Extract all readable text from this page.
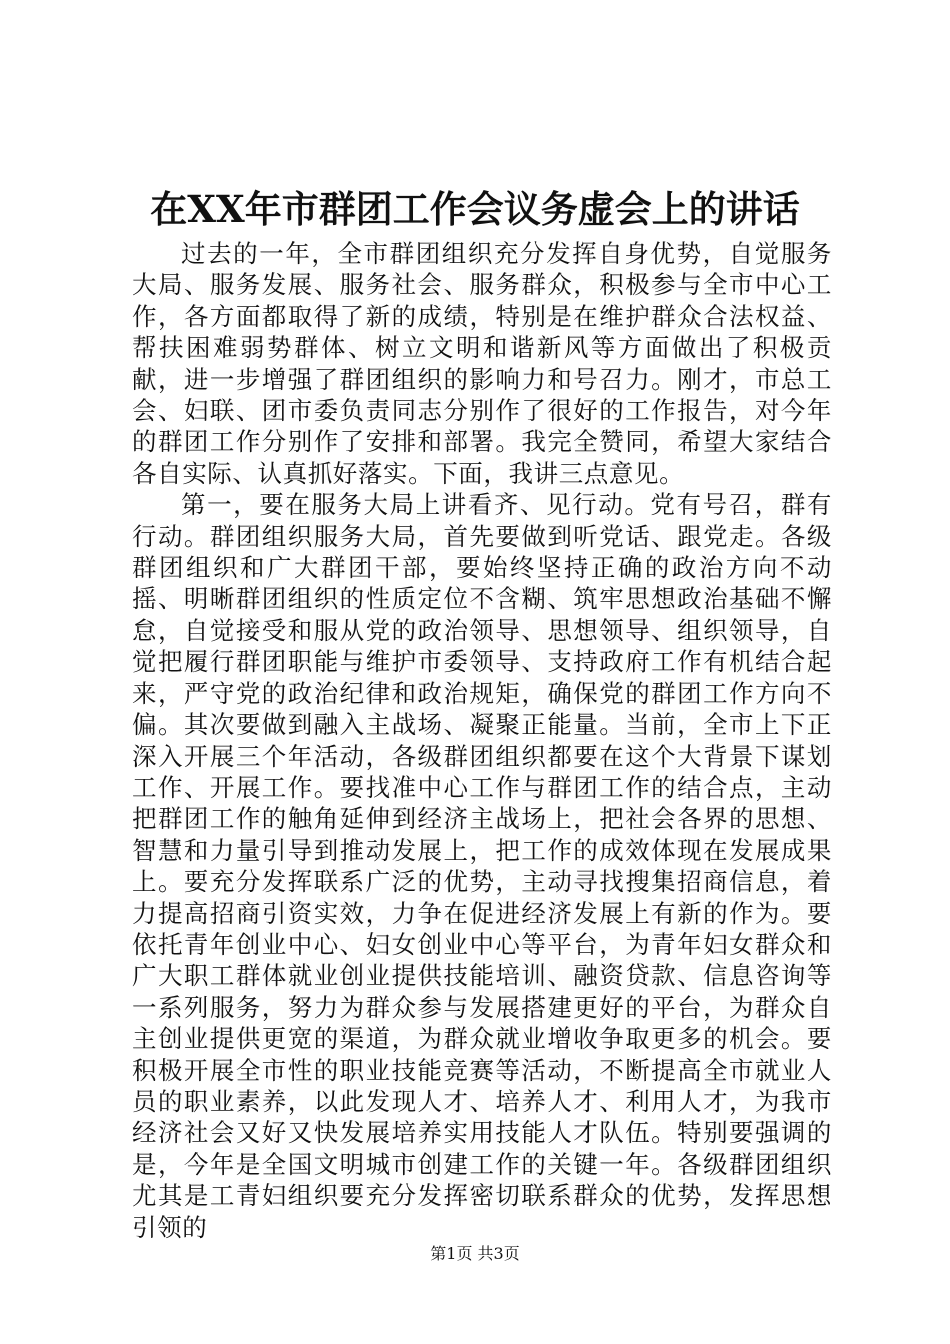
在XX年市群团工作会议务虚会上的讲话

过去的一年，全市群团组织充分发挥自身优势，自觉服务大局、服务发展、服务社会、服务群众，积极参与全市中心工作，各方面都取得了新的成绩，特别是在维护群众合法权益、帮扶困难弱势群体、树立文明和谐新风等方面做出了积极贡献，进一步增强了群团组织的影响力和号召力。刚才，市总工会、妇联、团市委负责同志分别作了很好的工作报告，对今年的群团工作分别作了安排和部署。我完全赞同，希望大家结合各自实际、认真抓好落实。下面，我讲三点意见。

第一，要在服务大局上讲看齐、见行动。党有号召，群有行动。群团组织服务大局，首先要做到听党话、跟党走。各级群团组织和广大群团干部，要始终坚持正确的政治方向不动摇、明晰群团组织的性质定位不含糊、筑牢思想政治基础不懈怠，自觉接受和服从党的政治领导、思想领导、组织领导，自觉把履行群团职能与维护市委领导、支持政府工作有机结合起来，严守党的政治纪律和政治规矩，确保党的群团工作方向不偏。其次要做到融入主战场、凝聚正能量。当前，全市上下正深入开展三个年活动，各级群团组织都要在这个大背景下谋划工作、开展工作。要找准中心工作与群团工作的结合点，主动把群团工作的触角延伸到经济主战场上，把社会各界的思想、智慧和力量引导到推动发展上，把工作的成效体现在发展成果上。要充分发挥联系广泛的优势，主动寻找搜集招商信息，着力提高招商引资实效，力争在促进经济发展上有新的作为。要依托青年创业中心、妇女创业中心等平台，为青年妇女群众和广大职工群体就业创业提供技能培训、融资贷款、信息咨询等一系列服务，努力为群众参与发展搭建更好的平台，为群众自主创业提供更宽的渠道，为群众就业增收争取更多的机会。要积极开展全市性的职业技能竞赛等活动，不断提高全市就业人员的职业素养，以此发现人才、培养人才、利用人才，为我市经济社会又好又快发展培养实用技能人才队伍。特别要强调的是，今年是全国文明城市创建工作的关键一年。各级群团组织尤其是工青妇组织要充分发挥密切联系群众的优势，发挥思想引领的

第1页 共3页
